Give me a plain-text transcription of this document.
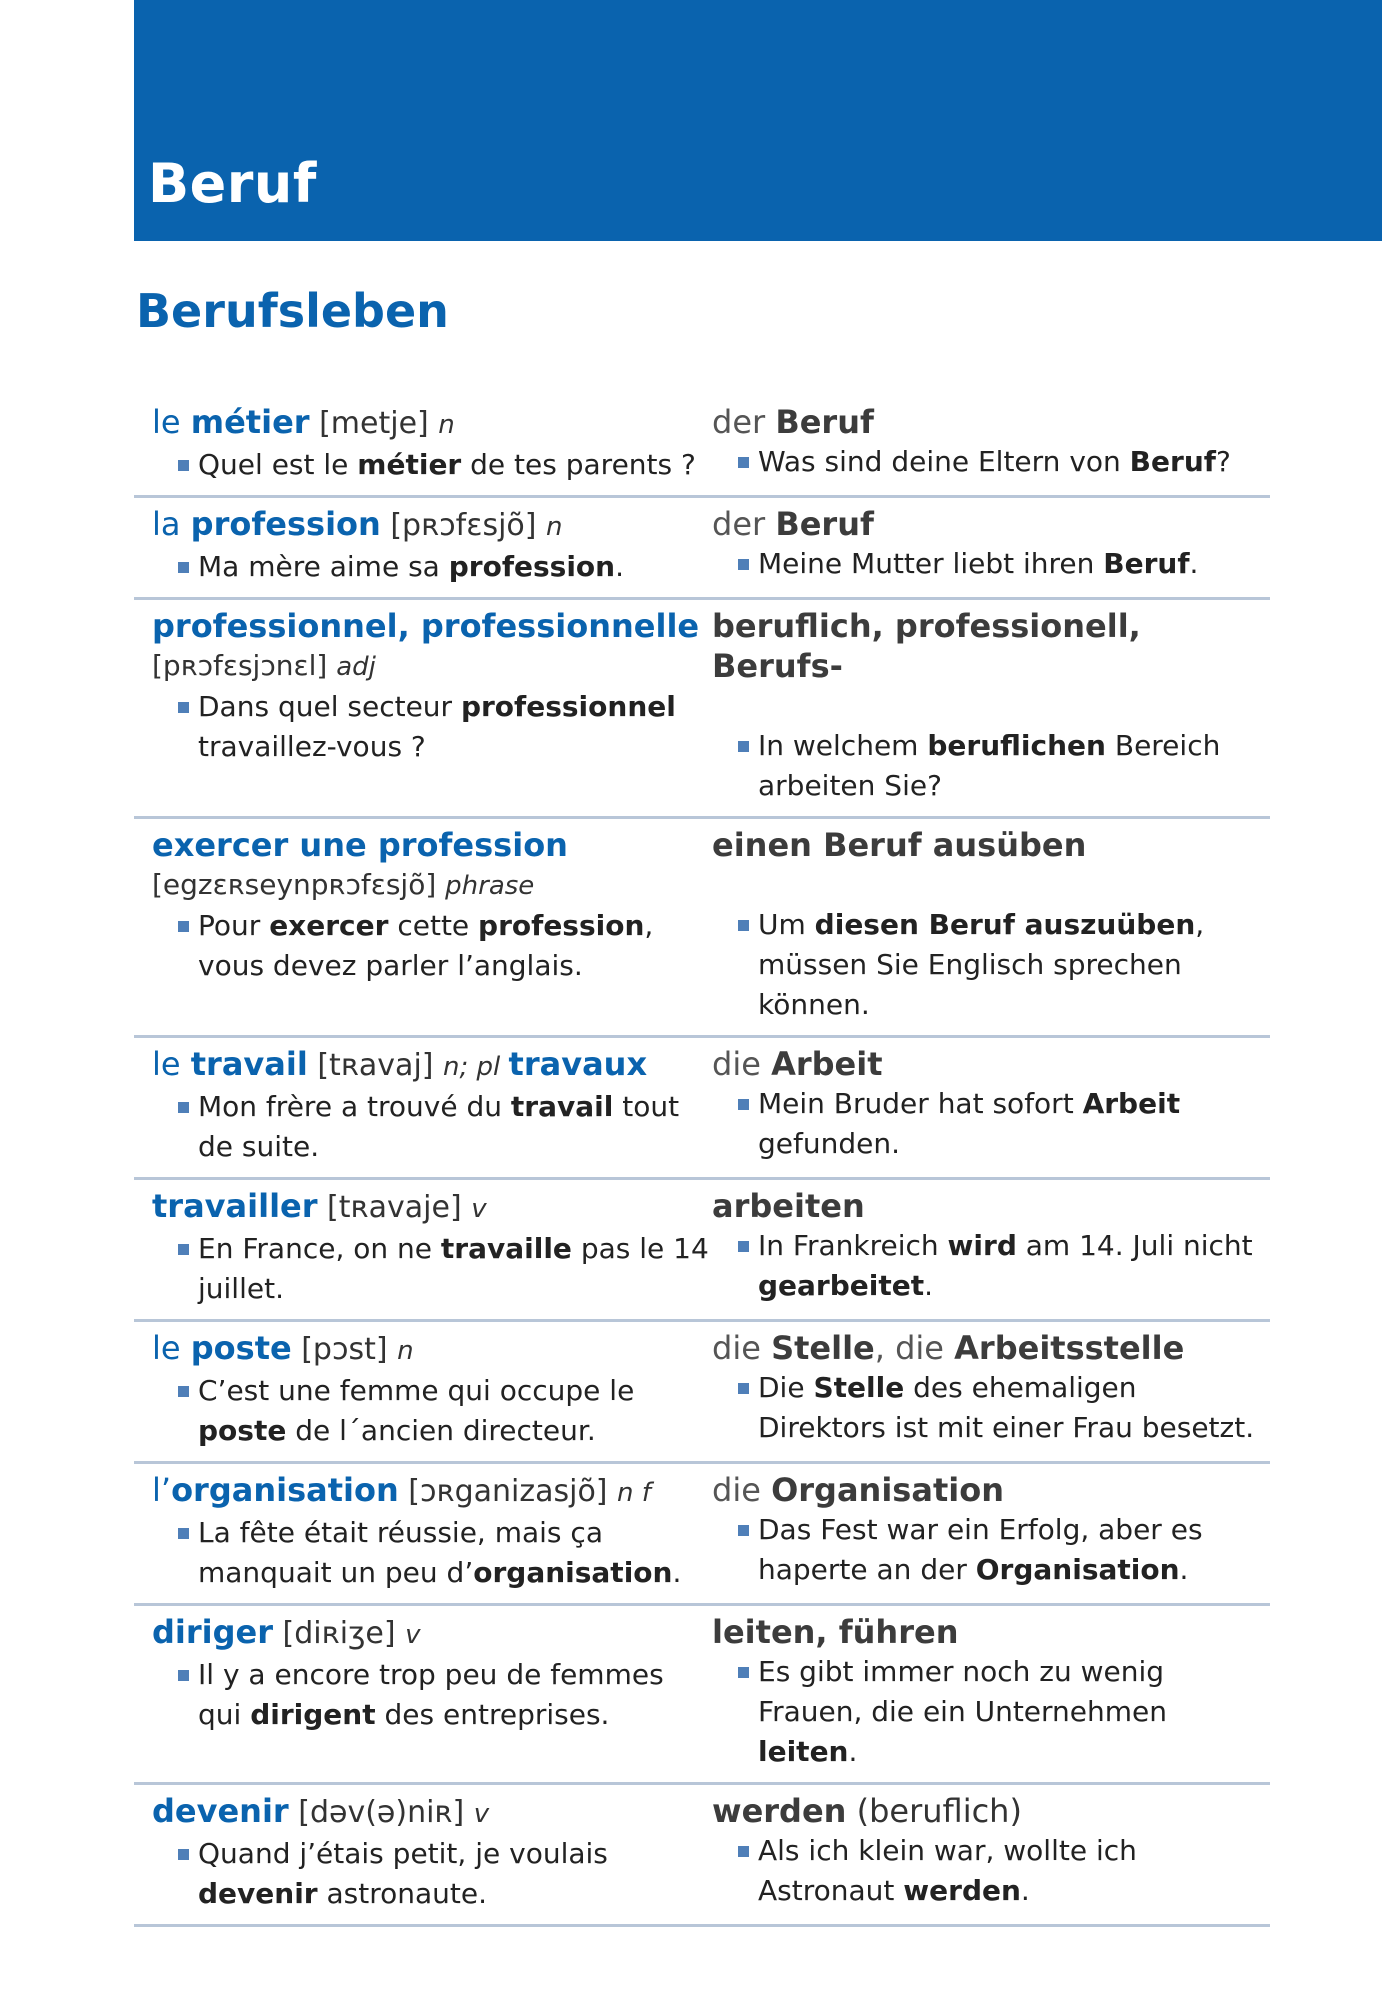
Beruf
Berufsleben
le métier [metje] n
Quel est le métier de tes parents ?
der Beruf
Was sind deine Eltern von Beruf?
la profession [pʀɔfɛsjõ] n
Ma mère aime sa profession.
der Beruf
Meine Mutter liebt ihren Beruf.
professionnel, professionnelle
[pʀɔfɛsjɔnɛl] adj
Dans quel secteur professionnel travaillez-vous ?
beruflich, professionell, Berufs-
In welchem beruflichen Bereich arbeiten Sie?
exercer une profession
[egzɛʀseynpʀɔfɛsjõ] phrase
Pour exercer cette profession, vous devez parler l’anglais.
einen Beruf ausüben
Um diesen Beruf auszuüben, müssen Sie Englisch sprechen können.
le travail [tʀavaj] n; pl travaux
Mon frère a trouvé du travail tout de suite.
die Arbeit
Mein Bruder hat sofort Arbeit gefunden.
travailler [tʀavaje] v
En France, on ne travaille pas le 14 juillet.
arbeiten
In Frankreich wird am 14. Juli nicht gearbeitet.
le poste [pɔst] n
C’est une femme qui occupe le poste de l´ancien directeur.
die Stelle, die Arbeitsstelle
Die Stelle des ehemaligen Direktors ist mit einer Frau besetzt.
l’organisation [ɔʀganizasjõ] n f
La fête était réussie, mais ça manquait un peu d’organisation.
die Organisation
Das Fest war ein Erfolg, aber es haperte an der Organisation.
diriger [diʀiʒe] v
Il y a encore trop peu de femmes qui dirigent des entreprises.
leiten, führen
Es gibt immer noch zu wenig Frauen, die ein Unternehmen leiten.
devenir [dəv(ə)niʀ] v
Quand j’étais petit, je voulais devenir astronaute.
werden (beruflich)
Als ich klein war, wollte ich Astronaut werden.
